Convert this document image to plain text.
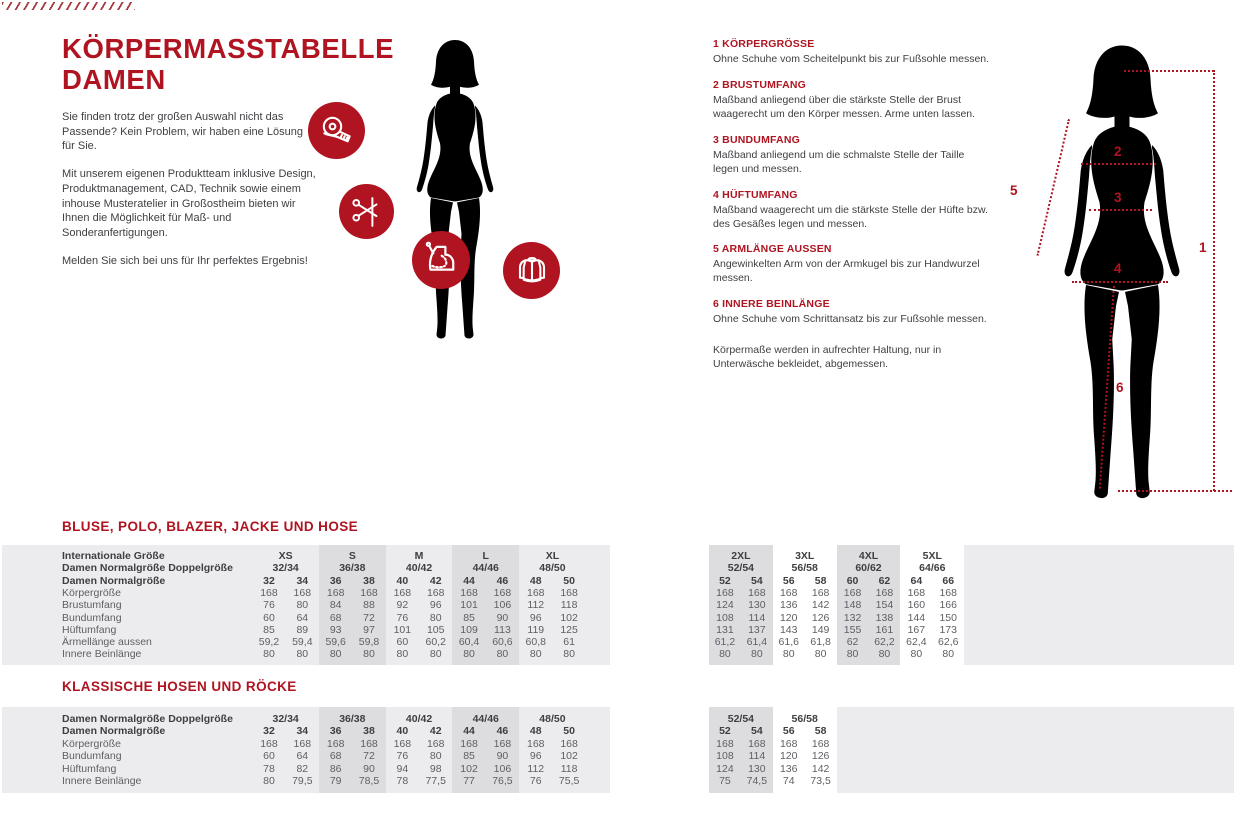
KÖRPERMASSTABELLE
DAMEN

Sie finden trotz der großen Auswahl nicht das Passende? Kein Problem, wir haben eine Lösung für Sie.

Mit unserem eigenen Produktteam inklusive Design, Produktmanagement, CAD, Technik sowie einem inhouse Musteratelier in Großostheim bieten wir Ihnen die Möglichkeit für Maß- und Sonderanfertigungen.

Melden Sie sich bei uns für Ihr perfektes Ergebnis!

1 KÖRPERGRÖSSE
Ohne Schuhe vom Scheitelpunkt bis zur Fußsohle messen.
2 BRUSTUMFANG
Maßband anliegend über die stärkste Stelle der Brust waagerecht um den Körper messen. Arme unten lassen.
3 BUNDUMFANG
Maßband anliegend um die schmalste Stelle der Taille legen und messen.
4 HÜFTUMFANG
Maßband waagerecht um die stärkste Stelle der Hüfte bzw. des Gesäßes legen und messen.
5 ARMLÄNGE AUSSEN
Angewinkelten Arm von der Armkugel bis zur Handwurzel messen.
6 INNERE BEINLÄNGE
Ohne Schuhe vom Schrittansatz bis zur Fußsohle messen.
Körpermaße werden in aufrechter Haltung, nur in Unterwäsche bekleidet, abgemessen.
1
2
3
4
5
6
BLUSE, POLO, BLAZER, JACKE UND HOSE
KLASSISCHE HOSEN UND RÖCKE
Internationale Größe	XS	S	M	L	XL	2XL	3XL	4XL	5XL
Damen Normalgröße Doppelgröße	32/34	36/38	40/42	44/46	48/50	52/54	56/58	60/62	64/66
Damen Normalgröße	32	34	36	38	40	42	44	46	48	50	52	54	56	58	60	62	64	66
Körpergröße	168	168	168	168	168	168	168	168	168	168	168	168	168	168	168	168	168	168
Brustumfang	76	80	84	88	92	96	101	106	112	118	124	130	136	142	148	154	160	166
Bundumfang	60	64	68	72	76	80	85	90	96	102	108	114	120	126	132	138	144	150
Hüftumfang	85	89	93	97	101	105	109	113	119	125	131	137	143	149	155	161	167	173
Ärmellänge aussen	59,2	59,4	59,6	59,8	60	60,2	60,4	60,6	60,8	61	61,2	61,4	61,6	61,8	62	62,2	62,4	62,6
Innere Beinlänge	80	80	80	80	80	80	80	80	80	80	80	80	80	80	80	80	80	80
Damen Normalgröße Doppelgröße	32/34	36/38	40/42	44/46	48/50	52/54	56/58
Damen Normalgröße	32	34	36	38	40	42	44	46	48	50	52	54	56	58
Körpergröße	168	168	168	168	168	168	168	168	168	168	168	168	168	168
Bundumfang	60	64	68	72	76	80	85	90	96	102	108	114	120	126
Hüftumfang	78	82	86	90	94	98	102	106	112	118	124	130	136	142
Innere Beinlänge	80	79,5	79	78,5	78	77,5	77	76,5	76	75,5	75	74,5	74	73,5
